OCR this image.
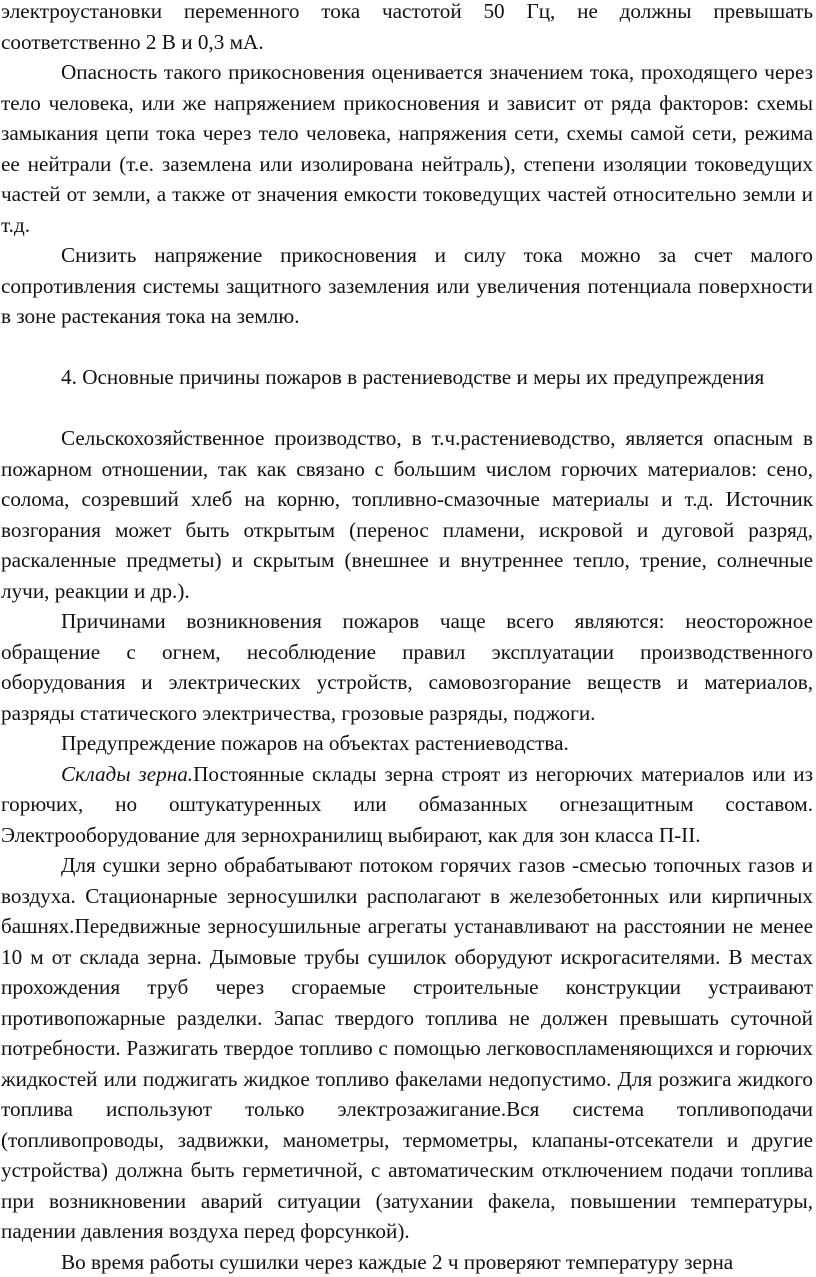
электроустановки переменного тока частотой 50 Гц, не должны превышать соответственно 2 В и 0,3 мА.

Опасность такого прикосновения оценивается значением тока, проходящего через тело человека, или же напряжением прикосновения и зависит от ряда факторов: схемы замыкания цепи тока через тело человека, напряжения сети, схемы самой сети, режима ее нейтрали (т.е. заземлена или изолирована нейтраль), степени изоляции токоведущих частей от земли, а также от значения емкости токоведущих частей относительно земли и т.д.

Снизить напряжение прикосновения и силу тока можно за счет малого сопротивления системы защитного заземления или увеличения потенциала поверхности в зоне растекания тока на землю.

4. Основные причины пожаров в растениеводстве и меры их предупреждения

Сельскохозяйственное производство, в т.ч.растениеводство, является опасным в пожарном отношении, так как связано с большим числом горючих материалов: сено, солома, созревший хлеб на корню, топливно-смазочные материалы и т.д. Источник возгорания может быть открытым (перенос пламени, искровой и дуговой разряд, раскаленные предметы) и скрытым (внешнее и внутреннее тепло, трение, солнечные лучи, реакции и др.).

Причинами возникновения пожаров чаще всего являются: неосторожное обращение с огнем, несоблюдение правил эксплуатации производственного оборудования и электрических устройств, самовозгорание веществ и материалов, разряды статического электричества, грозовые разряды, поджоги.

Предупреждение пожаров на объектах растениеводства.

Склады зерна.Постоянные склады зерна строят из негорючих материалов или из горючих, но оштукатуренных или обмазанных огнезащитным составом. Электрооборудование для зернохранилищ выбирают, как для зон класса П-II.

Для сушки зерно обрабатывают потоком горячих газов -смесью топочных газов и воздуха. Стационарные зерносушилки располагают в железобетонных или кирпичных башнях.Передвижные зерносушильные агрегаты устанавливают на расстоянии не менее 10 м от склада зерна. Дымовые трубы сушилок оборудуют искрогасителями. В местах прохождения труб через сгораемые строительные конструкции устраивают противопожарные разделки. Запас твердого топлива не должен превышать суточной потребности. Разжигать твердое топливо с помощью легковоспламеняющихся и горючих жидкостей или поджигать жидкое топливо факелами недопустимо. Для розжига жидкого топлива используют только электрозажигание.Вся система топливоподачи (топливопроводы, задвижки, манометры, термометры, клапаны-отсекатели и другие устройства) должна быть герметичной, с автоматическим отключением подачи топлива при возникновении аварий ситуации (затухании факела, повышении температуры, падении давления воздуха перед форсункой).

Во время работы сушилки через каждые 2 ч проверяют температуру зерна
